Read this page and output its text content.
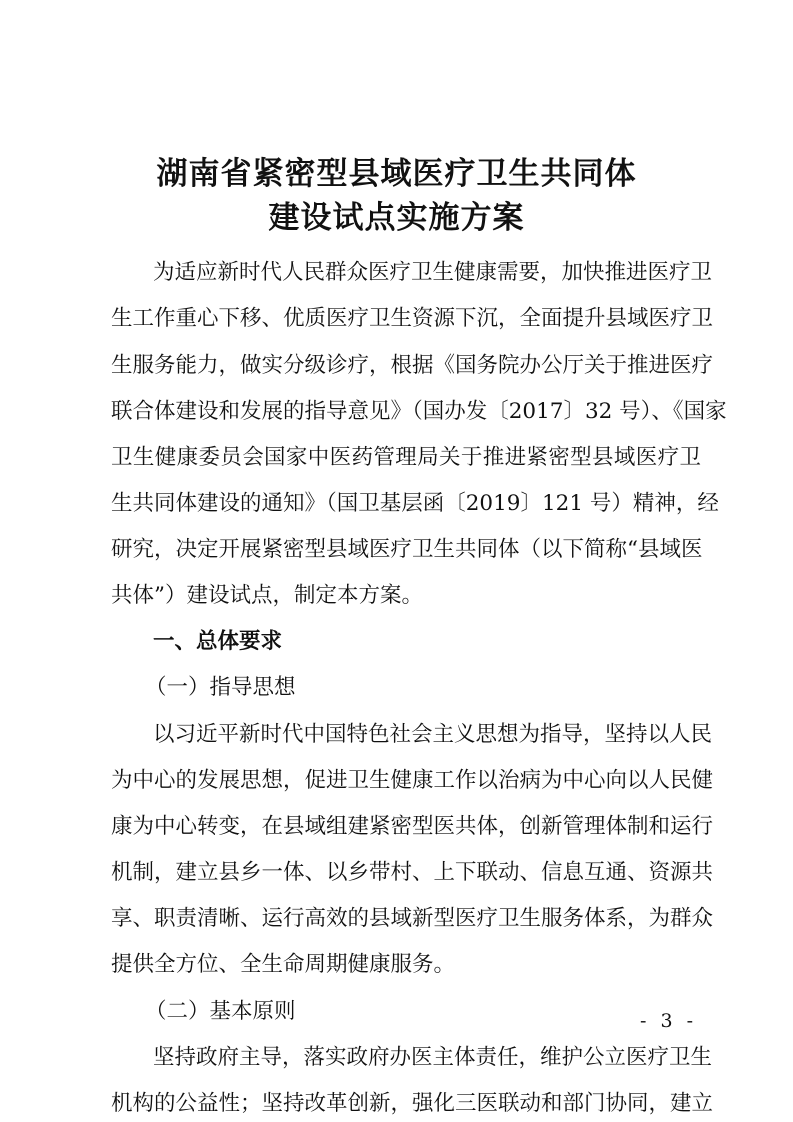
湖南省紧密型县域医疗卫生共同体
建设试点实施方案
为适应新时代人民群众医疗卫生健康需要，加快推进医疗卫
生工作重心下移、优质医疗卫生资源下沉，全面提升县域医疗卫
生服务能力，做实分级诊疗，根据《国务院办公厅关于推进医疗
联合体建设和发展的指导意见》（国办发〔2017〕32 号）、《国家
卫生健康委员会国家中医药管理局关于推进紧密型县域医疗卫
生共同体建设的通知》（国卫基层函〔2019〕121 号）精神，经
研究，决定开展紧密型县域医疗卫生共同体（以下简称“县域医
共体”）建设试点，制定本方案。
一、总体要求
（一）指导思想
以习近平新时代中国特色社会主义思想为指导，坚持以人民
为中心的发展思想，促进卫生健康工作以治病为中心向以人民健
康为中心转变，在县域组建紧密型医共体，创新管理体制和运行
机制，建立县乡一体、以乡带村、上下联动、信息互通、资源共
享、职责清晰、运行高效的县域新型医疗卫生服务体系，为群众
提供全方位、全生命周期健康服务。
（二）基本原则
坚持政府主导，落实政府办医主体责任，维护公立医疗卫生
机构的公益性；坚持改革创新，强化三医联动和部门协同，建立
- 3 -
